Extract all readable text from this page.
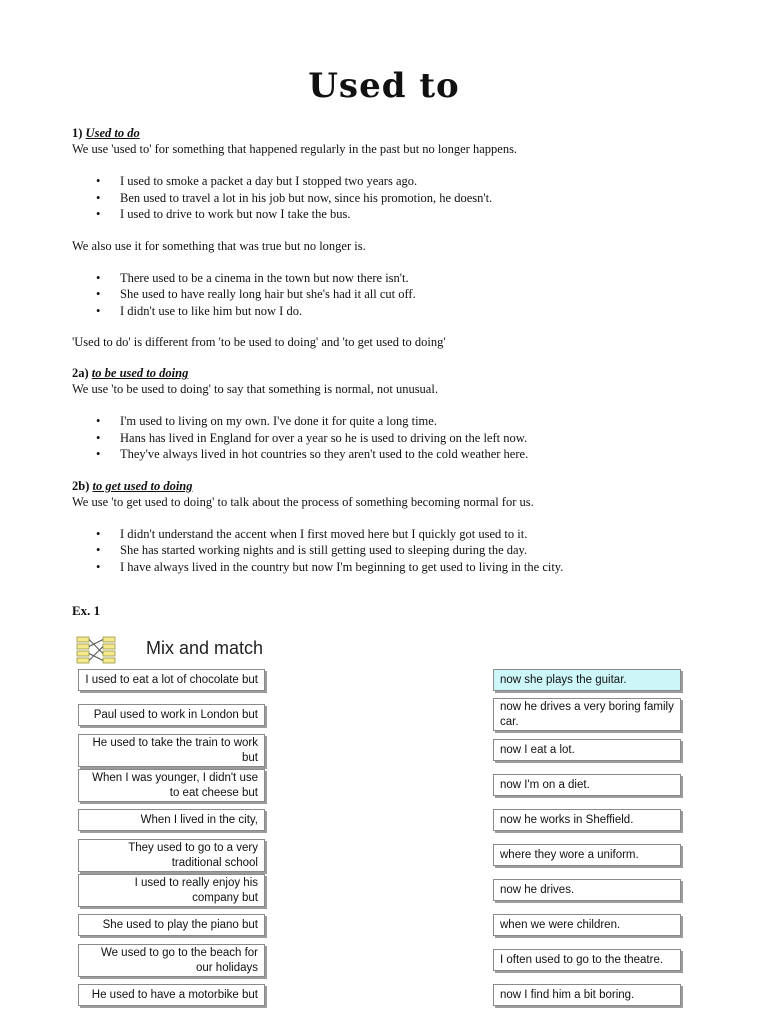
Used to

1) Used to do

We use 'used to' for something that happened regularly in the past but no longer happens.

• I used to smoke a packet a day but I stopped two years ago.
• Ben used to travel a lot in his job but now, since his promotion, he doesn't.
• I used to drive to work but now I take the bus.

We also use it for something that was true but no longer is.

• There used to be a cinema in the town but now there isn't.
• She used to have really long hair but she's had it all cut off.
• I didn't use to like him but now I do.

'Used to do' is different from 'to be used to doing' and 'to get used to doing'

2a) to be used to doing

We use 'to be used to doing' to say that something is normal, not unusual.

• I'm used to living on my own. I've done it for quite a long time.
• Hans has lived in England for over a year so he is used to driving on the left now.
• They've always lived in hot countries so they aren't used to the cold weather here.

2b) to get used to doing

We use 'to get used to doing' to talk about the process of something becoming normal for us.

• I didn't understand the accent when I first moved here but I quickly got used to it.
• She has started working nights and is still getting used to sleeping during the day.
• I have always lived in the country but now I'm beginning to get used to living in the city.
Ex. 1
Mix and match
I used to eat a lot of chocolate but
Paul used to work in London but
He used to take the train to work but
When I was younger, I didn't use to eat cheese but
When I lived in the city,
They used to go to a very traditional school
I used to really enjoy his company but
She used to play the piano but
We used to go to the beach for our holidays
He used to have a motorbike but
now she plays the guitar.
now he drives a very boring family car.
now I eat a lot.
now I'm on a diet.
now he works in Sheffield.
where they wore a uniform.
now he drives.
when we were children.
I often used to go to the theatre.
now I find him a bit boring.
